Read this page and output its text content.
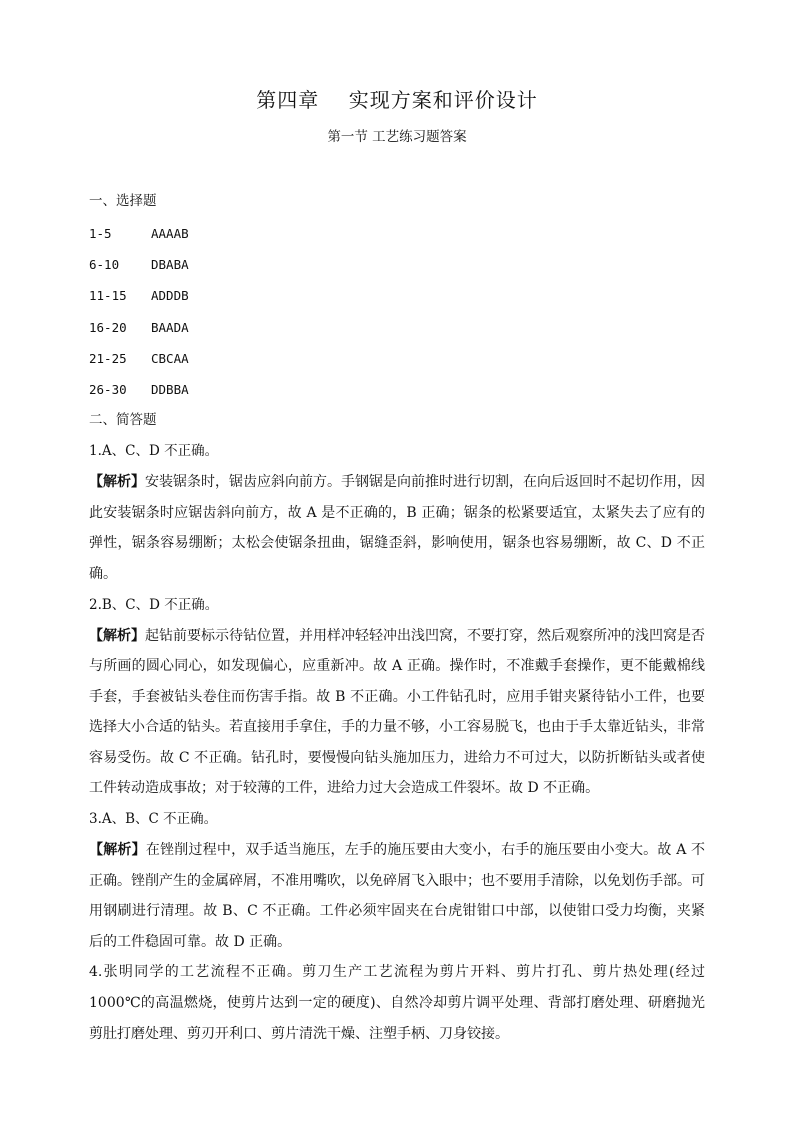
第四章    实现方案和评价设计
第一节 工艺练习题答案
一、选择题
1-5	AAAAB
6-10	DBABA
11-15 ADDDB
16-20 BAADA
21-25 CBCAA
26-30 DDBBA
二、简答题
1.A、C、D 不正确。
【解析】安装锯条时，锯齿应斜向前方。手钢锯是向前推时进行切割，在向后返回时不起切作用，因此安装锯条时应锯齿斜向前方，故 A 是不正确的，B 正确；锯条的松紧要适宜，太紧失去了应有的弹性，锯条容易绷断；太松会使锯条扭曲，锯缝歪斜，影响使用，锯条也容易绷断，故 C、D 不正确。
2.B、C、D 不正确。
【解析】起钻前要标示待钻位置，并用样冲轻轻冲出浅凹窝，不要打穿，然后观察所冲的浅凹窝是否与所画的圆心同心，如发现偏心，应重新冲。故 A 正确。操作时，不准戴手套操作，更不能戴棉线手套，手套被钻头卷住而伤害手指。故 B 不正确。小工件钻孔时，应用手钳夹紧待钻小工件，也要选择大小合适的钻头。若直接用手拿住，手的力量不够，小工容易脱飞，也由于手太靠近钻头，非常容易受伤。故 C 不正确。钻孔时，要慢慢向钻头施加压力，进给力不可过大，以防折断钻头或者使工件转动造成事故；对于较薄的工件，进给力过大会造成工件裂坏。故 D 不正确。
3.A、B、C 不正确。
【解析】在锉削过程中，双手适当施压，左手的施压要由大变小，右手的施压要由小变大。故 A 不正确。锉削产生的金属碎屑，不准用嘴吹，以免碎屑飞入眼中；也不要用手清除，以免划伤手部。可用钢刷进行清理。故 B、C 不正确。工件必须牢固夹在台虎钳钳口中部，以使钳口受力均衡，夹紧后的工件稳固可靠。故 D 正确。
4.张明同学的工艺流程不正确。剪刀生产工艺流程为剪片开料、剪片打孔、剪片热处理(经过 1000℃的高温燃烧，使剪片达到一定的硬度)、自然冷却剪片调平处理、背部打磨处理、研磨抛光剪肚打磨处理、剪刃开利口、剪片清洗干燥、注塑手柄、刀身铰接。
